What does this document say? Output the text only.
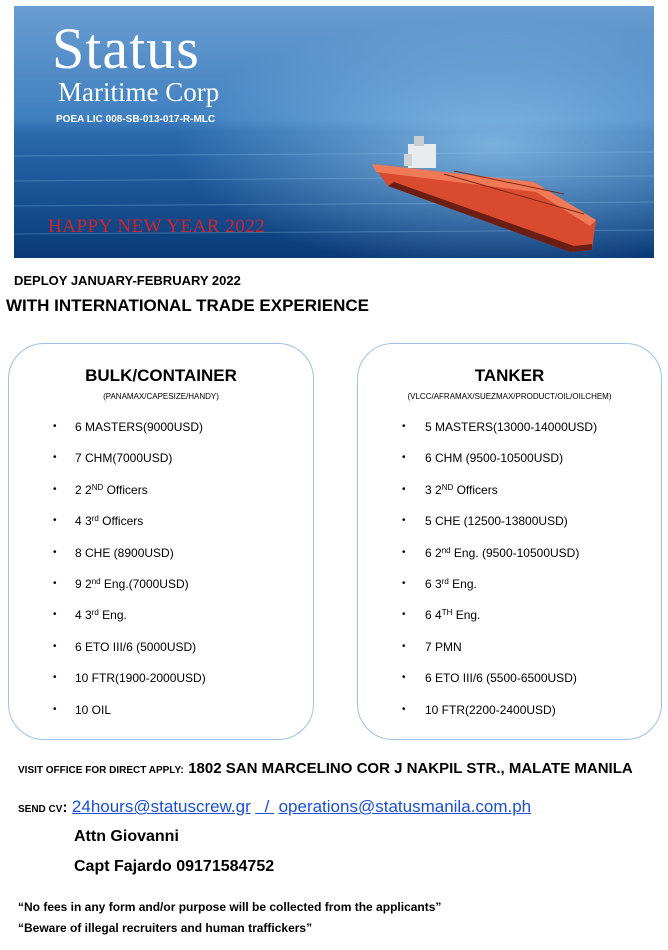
Status
Maritime Corp
POEA LIC 008-SB-013-017-R-MLC
HAPPY NEW YEAR 2022
DEPLOY JANUARY-FEBRUARY 2022
WITH INTERNATIONAL TRADE EXPERIENCE
BULK/CONTAINER
(PANAMAX/CAPESIZE/HANDY)
• 6 MASTERS(9000USD)
• 7 CHM(7000USD)
• 2 2ND Officers
• 4 3rd Officers
• 8 CHE (8900USD)
• 9 2nd Eng.(7000USD)
• 4 3rd Eng.
• 6 ETO III/6 (5000USD)
• 10 FTR(1900-2000USD)
• 10 OIL
TANKER
(VLCC/AFRAMAX/SUEZMAX/PRODUCT/OIL/OILCHEM)
• 5 MASTERS(13000-14000USD)
• 6 CHM (9500-10500USD)
• 3 2ND Officers
• 5 CHE (12500-13800USD)
• 6 2nd Eng. (9500-10500USD)
• 6 3rd Eng.
• 6 4TH Eng.
• 7 PMN
• 6 ETO III/6 (5500-6500USD)
• 10 FTR(2200-2400USD)
VISIT OFFICE FOR DIRECT APPLY: 1802 SAN MARCELINO COR J NAKPIL STR., MALATE MANILA
SEND CV: 24hours@statuscrew.gr / operations@statusmanila.com.ph
Attn Giovanni
Capt Fajardo 09171584752
“No fees in any form and/or purpose will be collected from the applicants”
“Beware of illegal recruiters and human traffickers”
